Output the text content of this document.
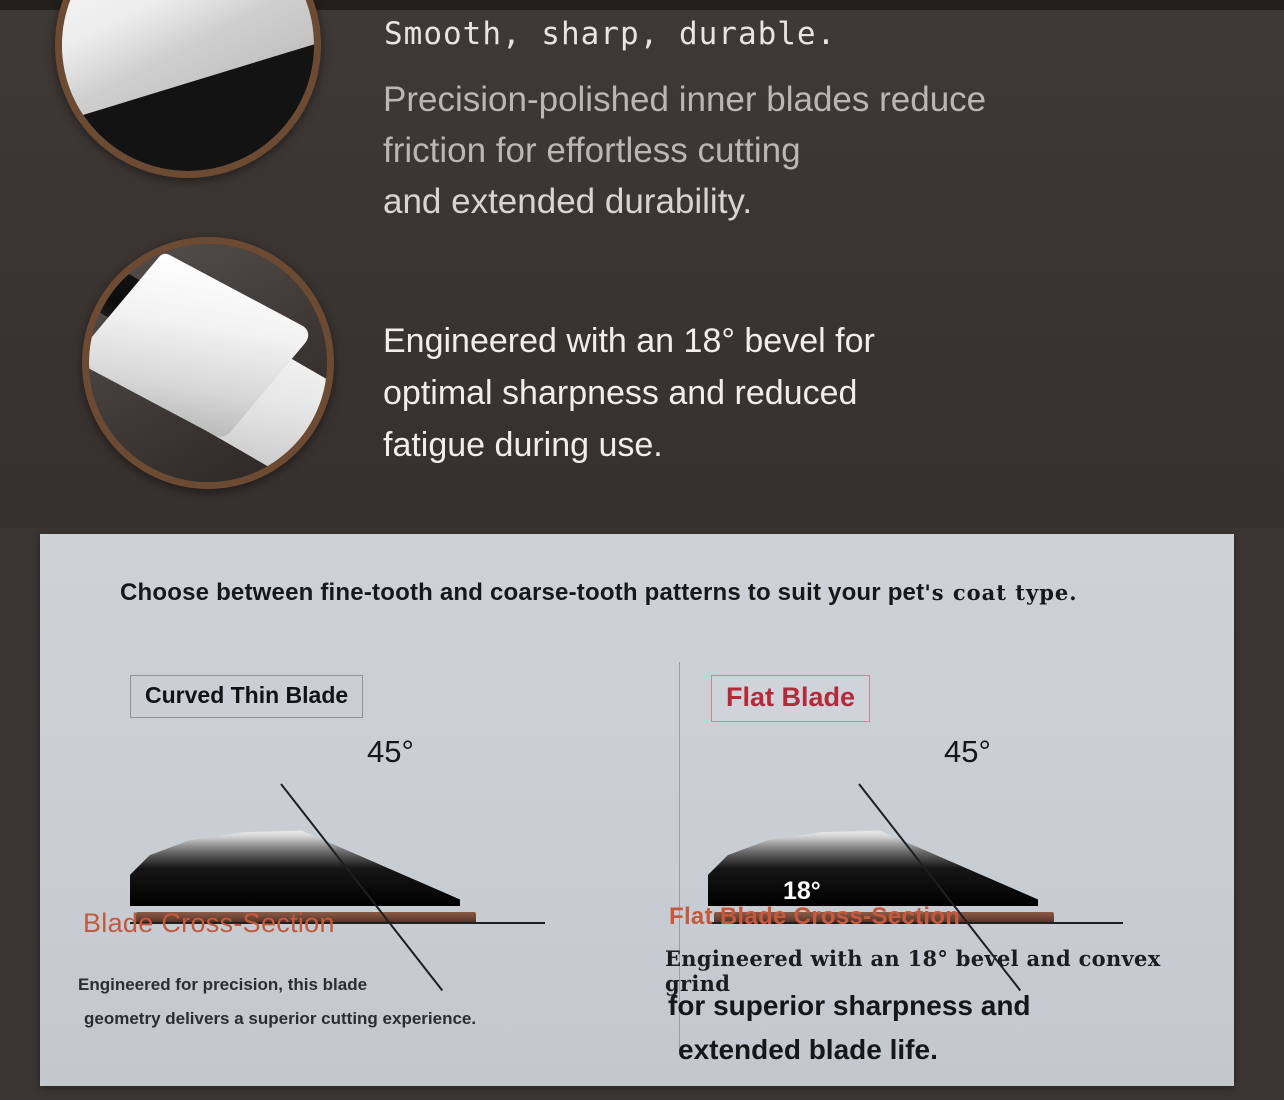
Smooth, sharp, durable.
Precision-polished inner blades reduce
friction for effortless cutting
and extended durability.
Engineered with an 18° bevel for
optimal sharpness and reduced
fatigue during use.
Choose between fine-tooth and coarse-tooth patterns to suit your pet's coat type.
Curved Thin Blade
45°
Flat Blade
45°
18°
Blade Cross-Section	Flat Blade Cross-Section
Engineered for precision, this blade
geometry delivers a superior cutting experience.
Engineered with an 18° bevel and convex grind
for superior sharpness and
extended blade life.
